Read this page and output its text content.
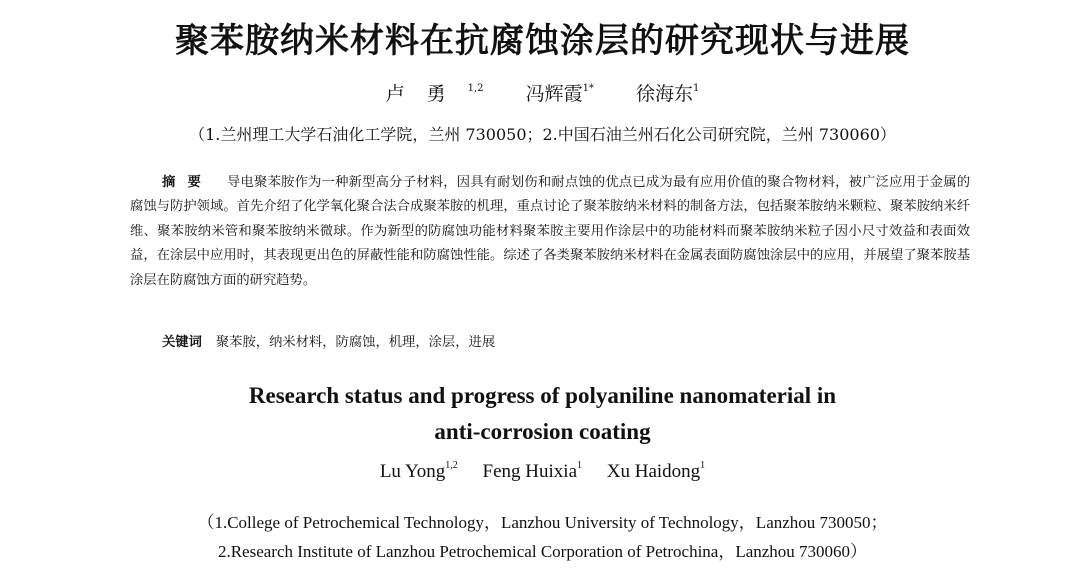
聚苯胺纳米材料在抗腐蚀涂层的研究现状与进展

卢勇$^{1,2}$ 冯辉霞$^{1*}$ 徐海东$^1$

（1.兰州理工大学石油化工学院，兰州 730050；2.中国石油兰州石化公司研究院，兰州 730060）

摘要 导电聚苯胺作为一种新型高分子材料，因具有耐划伤和耐点蚀的优点已成为最有应用价值的聚合物材料，被广泛应用于金属的腐蚀与防护领域。首先介绍了化学氧化聚合法合成聚苯胺的机理，重点讨论了聚苯胺纳米材料的制备方法，包括聚苯胺纳米颗粒、聚苯胺纳米纤维、聚苯胺纳米管和聚苯胺纳米微球。作为新型的防腐蚀功能材料聚苯胺主要用作涂层中的功能材料而聚苯胺纳米粒子因小尺寸效益和表面效益，在涂层中应用时，其表现更出色的屏蔽性能和防腐蚀性能。综述了各类聚苯胺纳米材料在金属表面防腐蚀涂层中的应用，并展望了聚苯胺基涂层在防腐蚀方面的研究趋势。

关键词 聚苯胺，纳米材料，防腐蚀，机理，涂层，进展

Research status and progress of polyaniline nanomaterial in
anti-corrosion coating

Lu Yong$^{1,2}$ Feng Huixia$^1$ Xu Haidong$^1$

（1.College of Petrochemical Technology，Lanzhou University of Technology，Lanzhou 730050；
2.Research Institute of Lanzhou Petrochemical Corporation of Petrochina，Lanzhou 730060）
